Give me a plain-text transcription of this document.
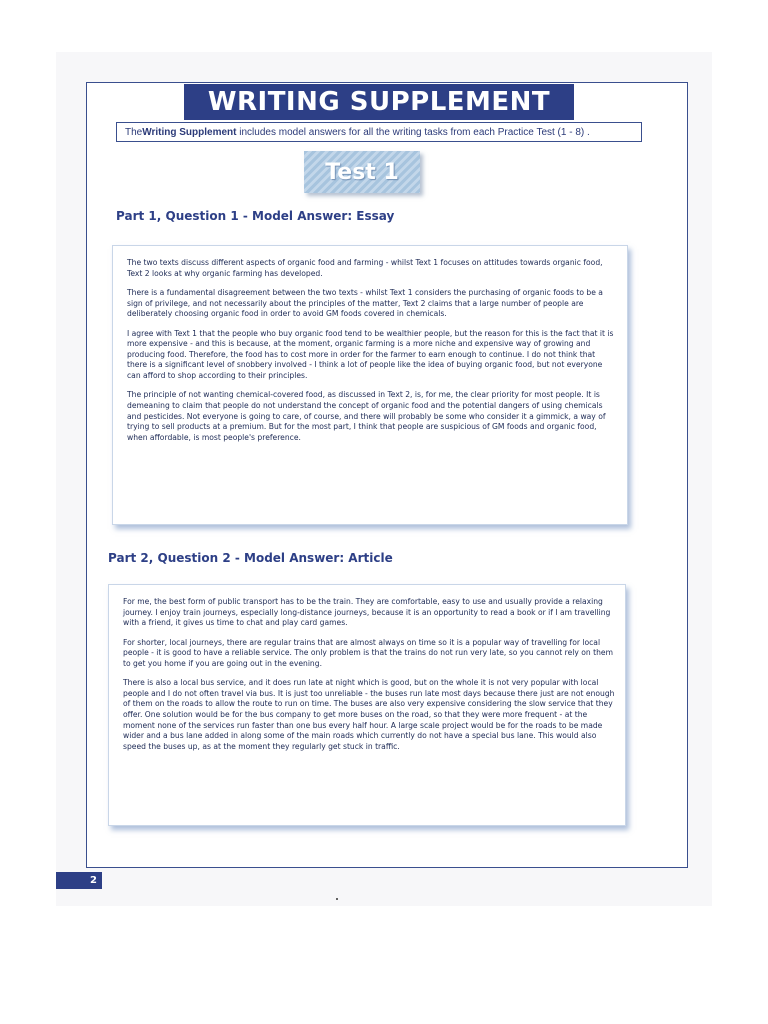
WRITING SUPPLEMENT
The Writing Supplement includes model answers for all the writing tasks from each Practice Test (1 - 8) .
Test 1
Part 1, Question 1 - Model Answer: Essay

The two texts discuss different aspects of organic food and farming - whilst Text 1 focuses on attitudes towards organic food, Text 2 looks at why organic farming has developed.

There is a fundamental disagreement between the two texts - whilst Text 1 considers the purchasing of organic foods to be a sign of privilege, and not necessarily about the principles of the matter, Text 2 claims that a large number of people are deliberately choosing organic food in order to avoid GM foods covered in chemicals.

I agree with Text 1 that the people who buy organic food tend to be wealthier people, but the reason for this is the fact that it is more expensive - and this is because, at the moment, organic farming is a more niche and expensive way of growing and producing food. Therefore, the food has to cost more in order for the farmer to earn enough to continue. I do not think that there is a significant level of snobbery involved - I think a lot of people like the idea of buying organic food, but not everyone can afford to shop according to their principles.

The principle of not wanting chemical-covered food, as discussed in Text 2, is, for me, the clear priority for most people. It is demeaning to claim that people do not understand the concept of organic food and the potential dangers of using chemicals and pesticides. Not everyone is going to care, of course, and there will probably be some who consider it a gimmick, a way of trying to sell products at a premium. But for the most part, I think that people are suspicious of GM foods and organic food, when affordable, is most people's preference.

Part 2, Question 2 - Model Answer: Article

For me, the best form of public transport has to be the train. They are comfortable, easy to use and usually provide a relaxing journey. I enjoy train journeys, especially long-distance journeys, because it is an opportunity to read a book or if I am travelling with a friend, it gives us time to chat and play card games.

For shorter, local journeys, there are regular trains that are almost always on time so it is a popular way of travelling for local people - it is good to have a reliable service. The only problem is that the trains do not run very late, so you cannot rely on them to get you home if you are going out in the evening.

There is also a local bus service, and it does run late at night which is good, but on the whole it is not very popular with local people and I do not often travel via bus. It is just too unreliable - the buses run late most days because there just are not enough of them on the roads to allow the route to run on time. The buses are also very expensive considering the slow service that they offer. One solution would be for the bus company to get more buses on the road, so that they were more frequent - at the moment none of the services run faster than one bus every half hour. A large scale project would be for the roads to be made wider and a bus lane added in along some of the main roads which currently do not have a special bus lane. This would also speed the buses up, as at the moment they regularly get stuck in traffic.

2
